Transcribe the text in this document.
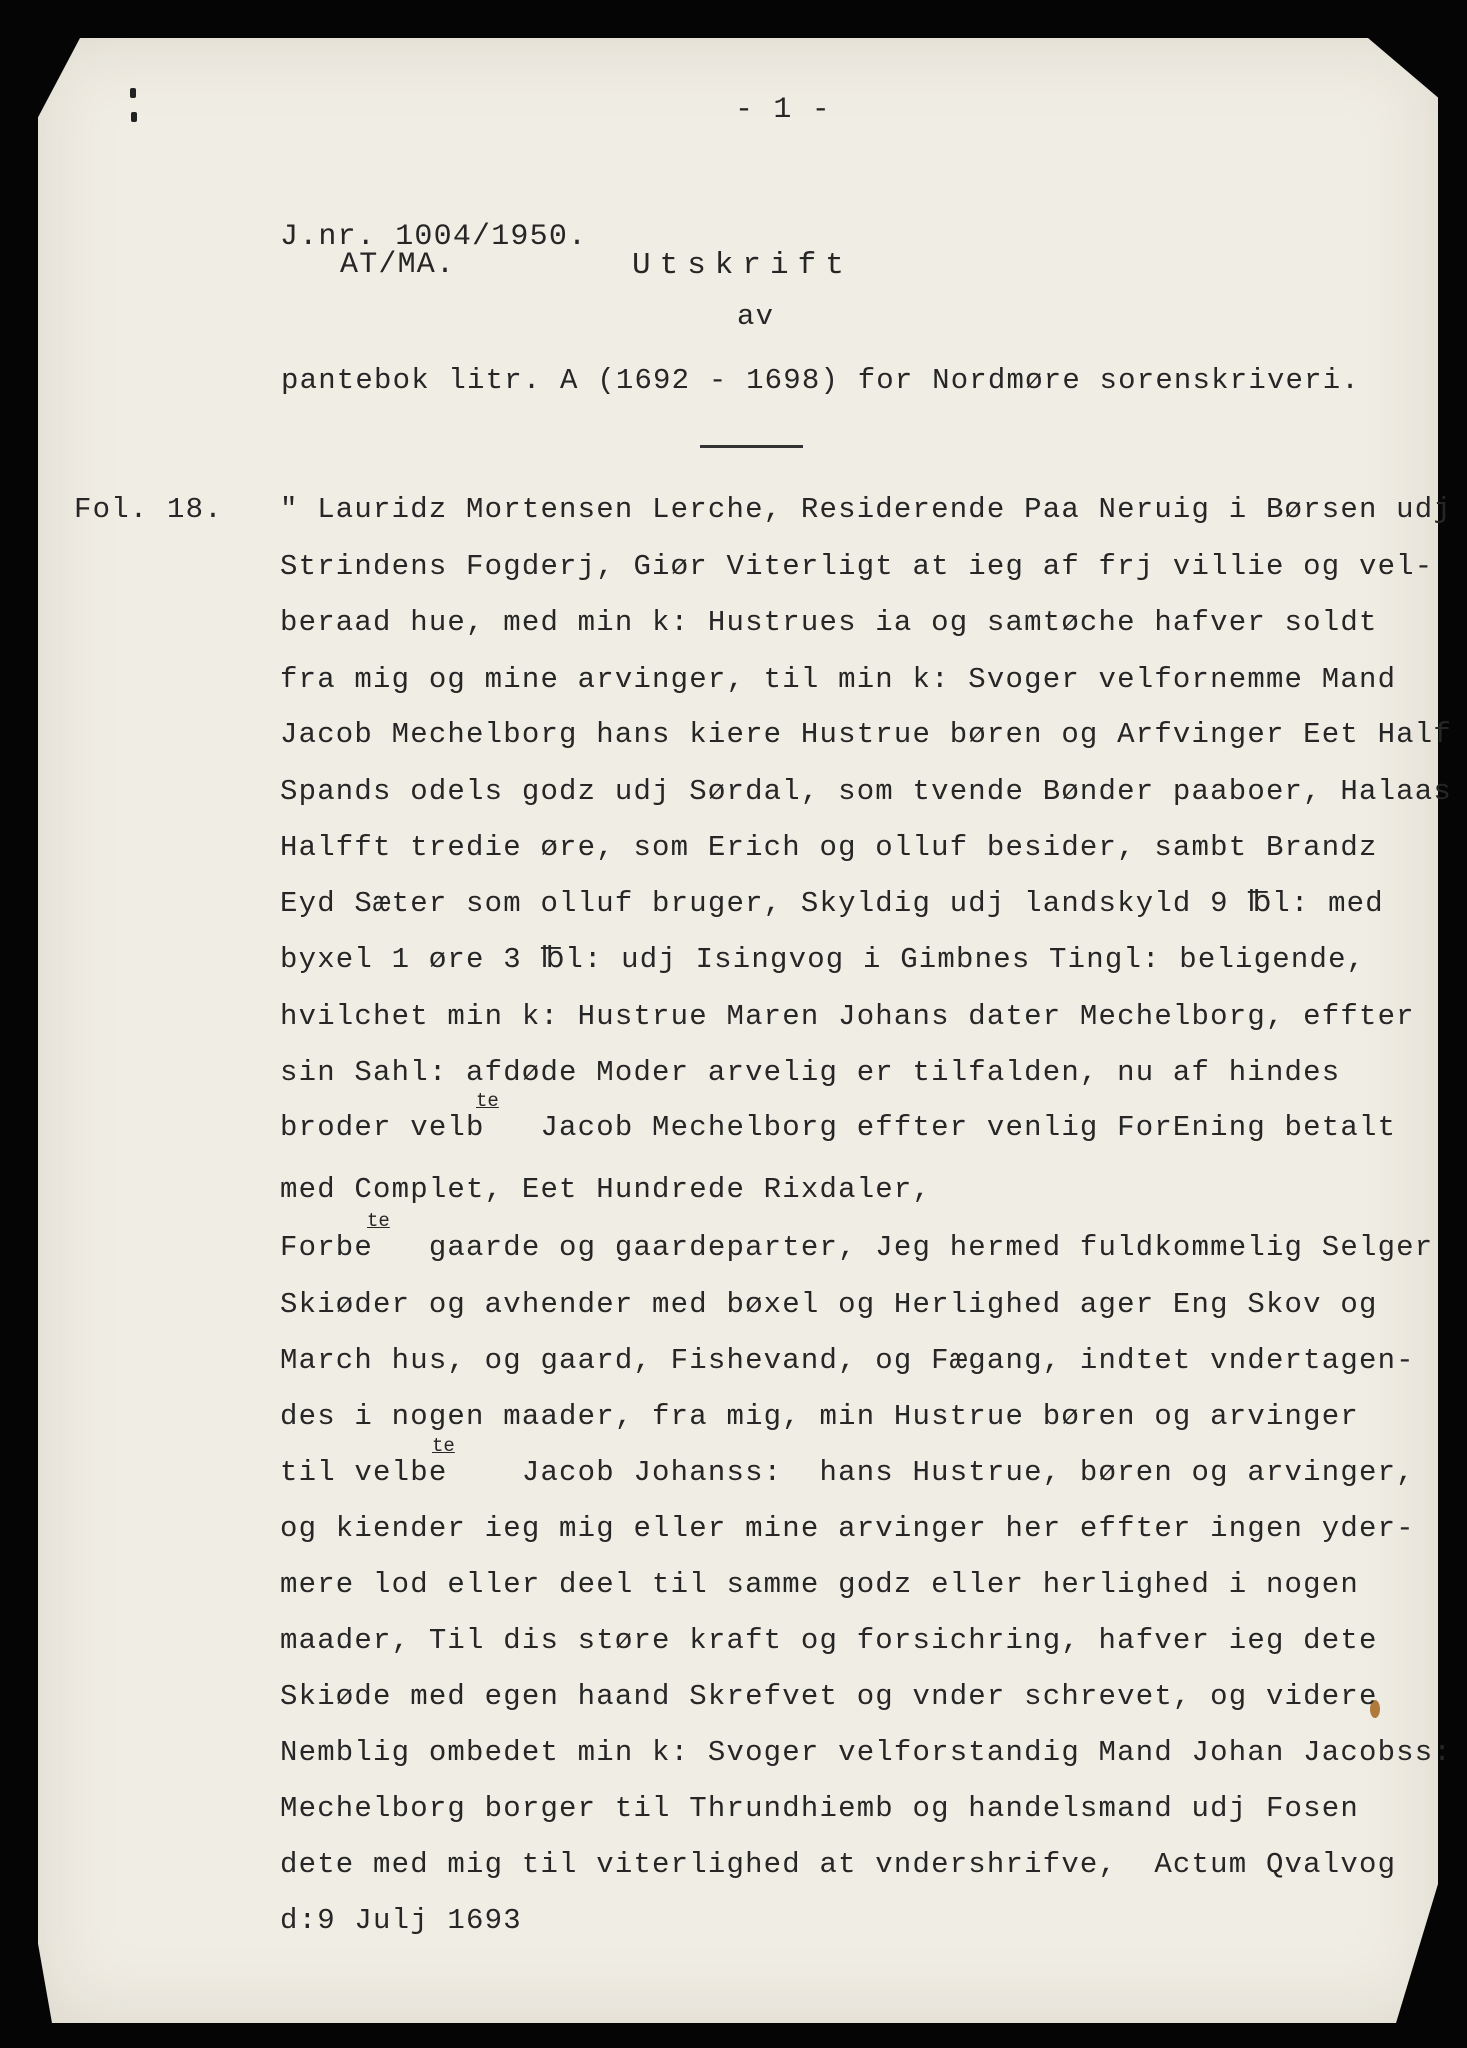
- 1 -
J.nr. 1004/1950.
AT/MA.	Utskrift
av
pantebok litr. A (1692 - 1698) for Nordmøre sorenskriveri.
Fol. 18. " Lauridz Mortensen Lerche, Residerende Paa Neruig i Børsen udj
Strindens Fogderj, Giør Viterligt at ieg af frj villie og vel-
beraad hue, med min k: Hustrues ia og samtøche hafver soldt
fra mig og mine arvinger, til min k: Svoger velfornemme Mand
Jacob Mechelborg hans kiere Hustrue børen og Arfvinger Eet Half
Spands odels godz udj Sørdal, som tvende Bønder paaboer, Halaas
Halfft tredie øre, som Erich og olluf besider, sambt Brandz
Eyd Sæter som olluf bruger, Skyldig udj landskyld 9 ℔l: med
byxel 1 øre 3 ℔l: udj Isingvog i Gimbnes Tingl: beligende,
hvilchet min k: Hustrue Maren Johans dater Mechelborg, effter
sin Sahl: afdøde Moder arvelig er tilfalden, nu af hindes
broder velb   Jacob Mechelborg effter venlig ForEning betalt
te
med Complet, Eet Hundrede Rixdaler,
Forbe   gaarde og gaardeparter, Jeg hermed fuldkommelig Selger
te
Skiøder og avhender med bøxel og Herlighed ager Eng Skov og
March hus, og gaard, Fishevand, og Fægang, indtet vndertagen-
des i nogen maader, fra mig, min Hustrue børen og arvinger
til velbe    Jacob Johanss:  hans Hustrue, børen og arvinger,
te
og kiender ieg mig eller mine arvinger her effter ingen yder-
mere lod eller deel til samme godz eller herlighed i nogen
maader, Til dis støre kraft og forsichring, hafver ieg dete
Skiøde med egen haand Skrefvet og vnder schrevet, og videre
Nemblig ombedet min k: Svoger velforstandig Mand Johan Jacobss:
Mechelborg borger til Thrundhiemb og handelsmand udj Fosen
dete med mig til viterlighed at vndershrifve,  Actum Qvalvog
d:9 Julj 1693
